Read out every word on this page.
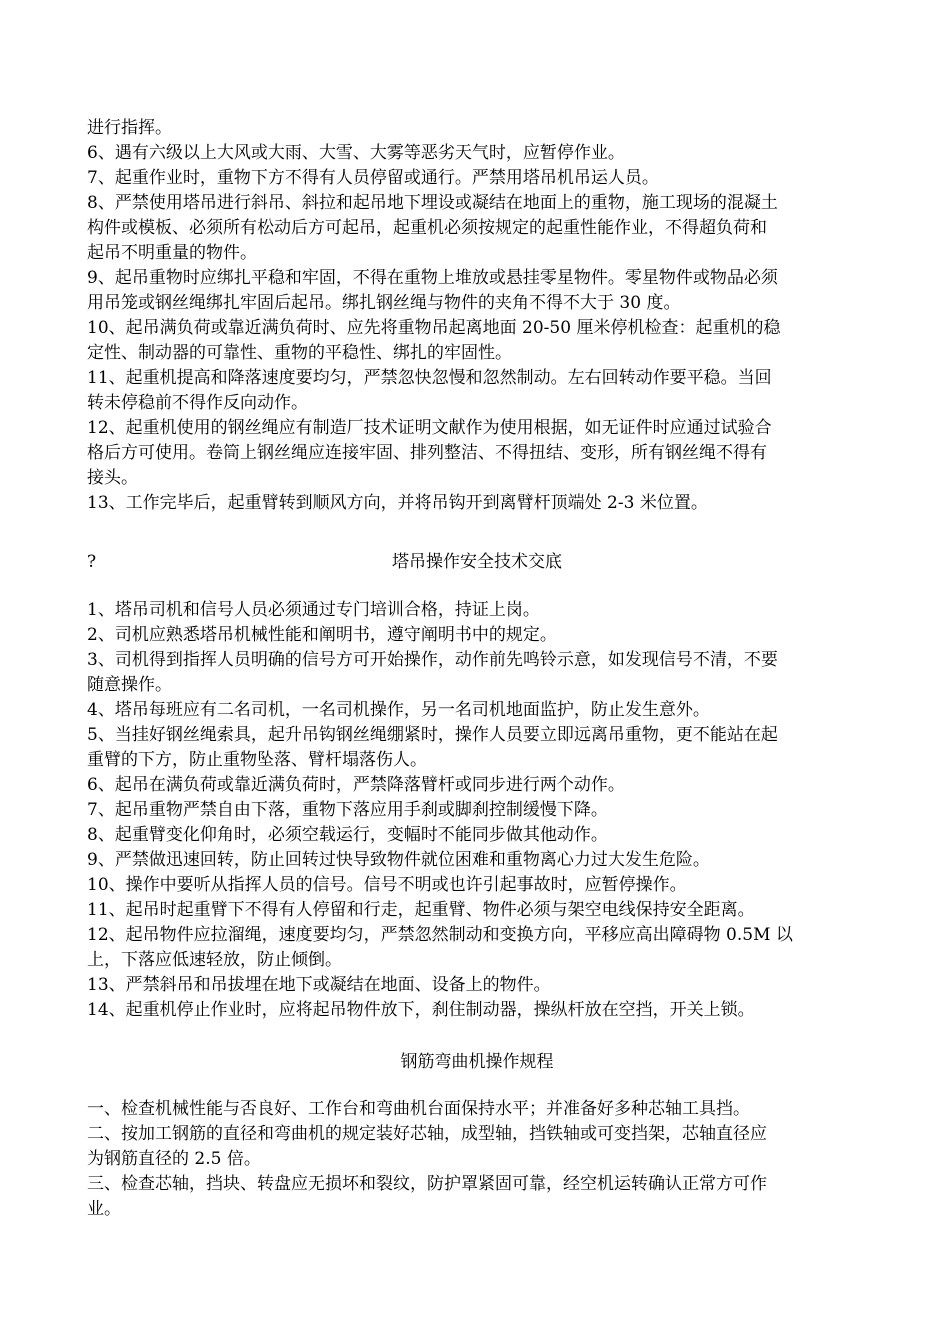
进行指挥。
6、遇有六级以上大风或大雨、大雪、大雾等恶劣天气时，应暂停作业。
7、起重作业时，重物下方不得有人员停留或通行。严禁用塔吊机吊运人员。
8、严禁使用塔吊进行斜吊、斜拉和起吊地下埋设或凝结在地面上的重物，施工现场的混凝土
构件或模板、必须所有松动后方可起吊，起重机必须按规定的起重性能作业，不得超负荷和
起吊不明重量的物件。
9、起吊重物时应绑扎平稳和牢固，不得在重物上堆放或悬挂零星物件。零星物件或物品必须
用吊笼或钢丝绳绑扎牢固后起吊。绑扎钢丝绳与物件的夹角不得不大于 30 度。
10、起吊满负荷或靠近满负荷时、应先将重物吊起离地面 20-50 厘米停机检查：起重机的稳
定性、制动器的可靠性、重物的平稳性、绑扎的牢固性。
11、起重机提高和降落速度要均匀，严禁忽快忽慢和忽然制动。左右回转动作要平稳。当回
转未停稳前不得作反向动作。
12、起重机使用的钢丝绳应有制造厂技术证明文献作为使用根据，如无证件时应通过试验合
格后方可使用。卷筒上钢丝绳应连接牢固、排列整洁、不得扭结、变形，所有钢丝绳不得有
接头。
13、工作完毕后，起重臂转到顺风方向，并将吊钩开到离臂杆顶端处 2-3 米位置。
?	塔吊操作安全技术交底
1、塔吊司机和信号人员必须通过专门培训合格，持证上岗。
2、司机应熟悉塔吊机械性能和阐明书，遵守阐明书中的规定。
3、司机得到指挥人员明确的信号方可开始操作，动作前先鸣铃示意，如发现信号不清，不要
随意操作。
4、塔吊每班应有二名司机，一名司机操作，另一名司机地面监护，防止发生意外。
5、当挂好钢丝绳索具，起升吊钩钢丝绳绷紧时，操作人员要立即远离吊重物，更不能站在起
重臂的下方，防止重物坠落、臂杆塌落伤人。
6、起吊在满负荷或靠近满负荷时，严禁降落臂杆或同步进行两个动作。
7、起吊重物严禁自由下落，重物下落应用手刹或脚刹控制缓慢下降。
8、起重臂变化仰角时，必须空载运行，变幅时不能同步做其他动作。
9、严禁做迅速回转，防止回转过快导致物件就位困难和重物离心力过大发生危险。
10、操作中要听从指挥人员的信号。信号不明或也许引起事故时，应暂停操作。
11、起吊时起重臂下不得有人停留和行走，起重臂、物件必须与架空电线保持安全距离。
12、起吊物件应拉溜绳，速度要均匀，严禁忽然制动和变换方向，平移应高出障碍物 0.5M 以
上，下落应低速轻放，防止倾倒。
13、严禁斜吊和吊拔埋在地下或凝结在地面、设备上的物件。
14、起重机停止作业时，应将起吊物件放下，刹住制动器，操纵杆放在空挡，开关上锁。
钢筋弯曲机操作规程
一、检查机械性能与否良好、工作台和弯曲机台面保持水平；并准备好多种芯轴工具挡。
二、按加工钢筋的直径和弯曲机的规定装好芯轴，成型轴，挡铁轴或可变挡架，芯轴直径应
为钢筋直径的 2.5 倍。
三、检查芯轴，挡块、转盘应无损坏和裂纹，防护罩紧固可靠，经空机运转确认正常方可作
业。
